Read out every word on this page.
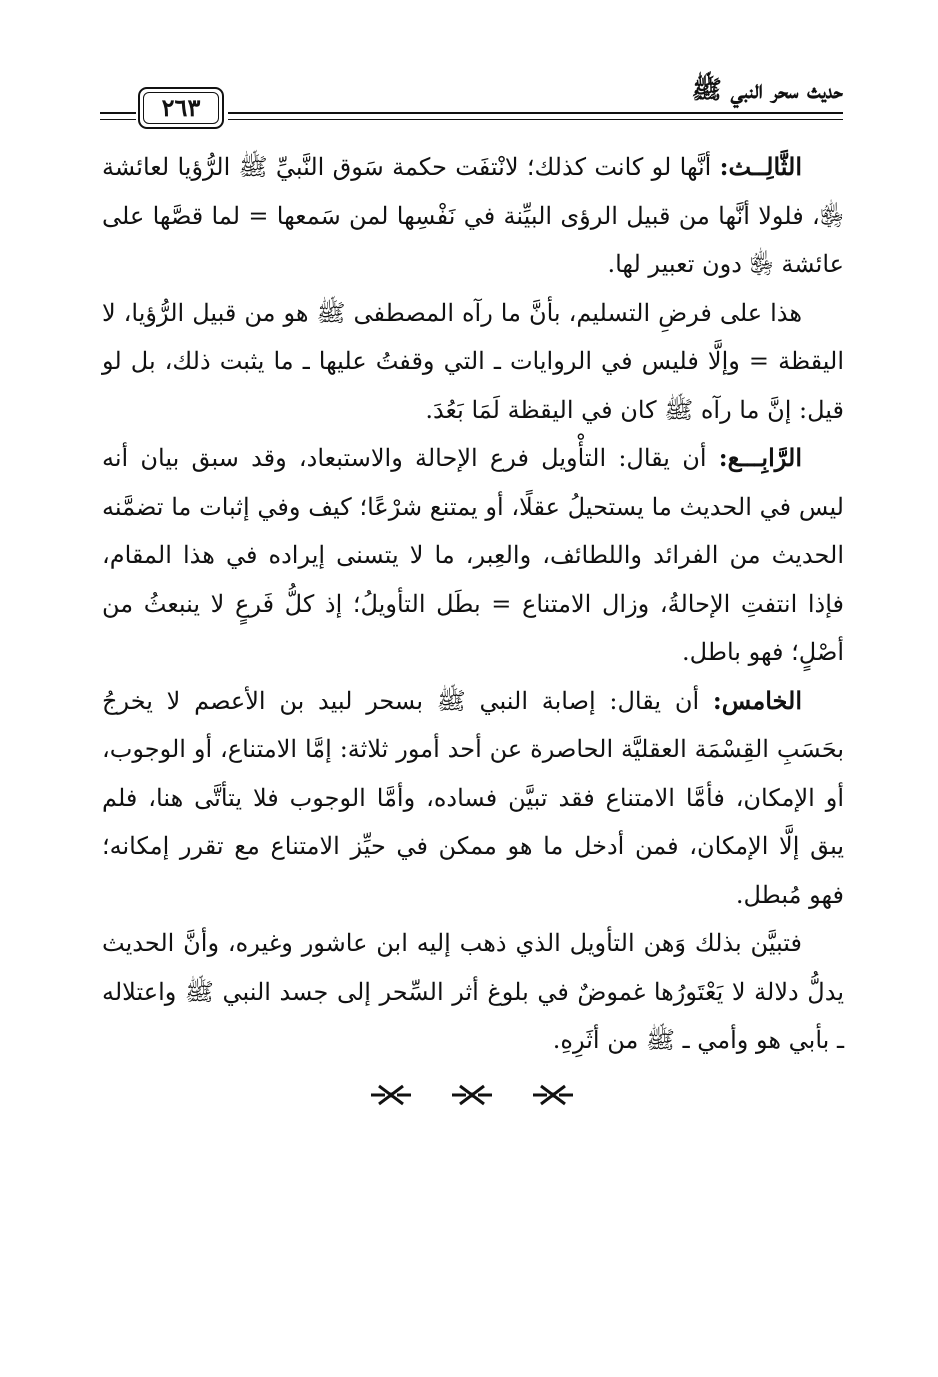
حديث سحر النبي ﷺ
٢٦٣

الثَّالِــث: أنَّها لو كانت كذلك؛ لانْتفَت حكمة سَوق النَّبيِّ ﷺ الرُّؤيا لعائشة ﵂، فلولا أنَّها من قبيل الرؤى البيِّنة في نَفْسِها لمن سَمعها = لما قصَّها على عائشة ﵂ دون تعبير لها.

هذا على فرضِ التسليم، بأنَّ ما رآه المصطفى ﷺ هو من قبيل الرُّؤيا، لا اليقظة = وإلَّا فليس في الروايات ـ التي وقفتُ عليها ـ ما يثبت ذلك، بل لو قيل: إنَّ ما رآه ﷺ كان في اليقظة لَمَا بَعُدَ.

الرَّابِـــع: أن يقال: التأْويل فرع الإحالة والاستبعاد، وقد سبق بيان أنه ليس في الحديث ما يستحيلُ عقلًا، أو يمتنع شرْعًا؛ كيف وفي إثبات ما تضمَّنه الحديث من الفرائد واللطائف، والعِبر، ما لا يتسنى إيراده في هذا المقام، فإذا انتفتِ الإحالةُ، وزال الامتناع = بطَل التأويلُ؛ إذ كلُّ فَرعٍ لا ينبعثُ من أصْلٍ؛ فهو باطل.

الخامس: أن يقال: إصابة النبي ﷺ بسحر لبيد بن الأعصم لا يخرجُ بحَسَبِ القِسْمَة العقليَّة الحاصرة عن أحد أمور ثلاثة: إمَّا الامتناع، أو الوجوب، أو الإمكان، فأمَّا الامتناع فقد تبيَّن فساده، وأمَّا الوجوب فلا يتأتَّى هنا، فلم يبق إلَّا الإمكان، فمن أدخل ما هو ممكن في حيِّز الامتناع مع تقرر إمكانه؛ فهو مُبطل.

فتبيَّن بذلك وَهن التأويل الذي ذهب إليه ابن عاشور وغيره، وأنَّ الحديث يدلُّ دلالة لا يَعْتَورُها غموضٌ في بلوغ أثر السِّحر إلى جسد النبي ﷺ واعتلاله ـ بأبي هو وأمي ـ ﷺ من أثَرِهِ.
